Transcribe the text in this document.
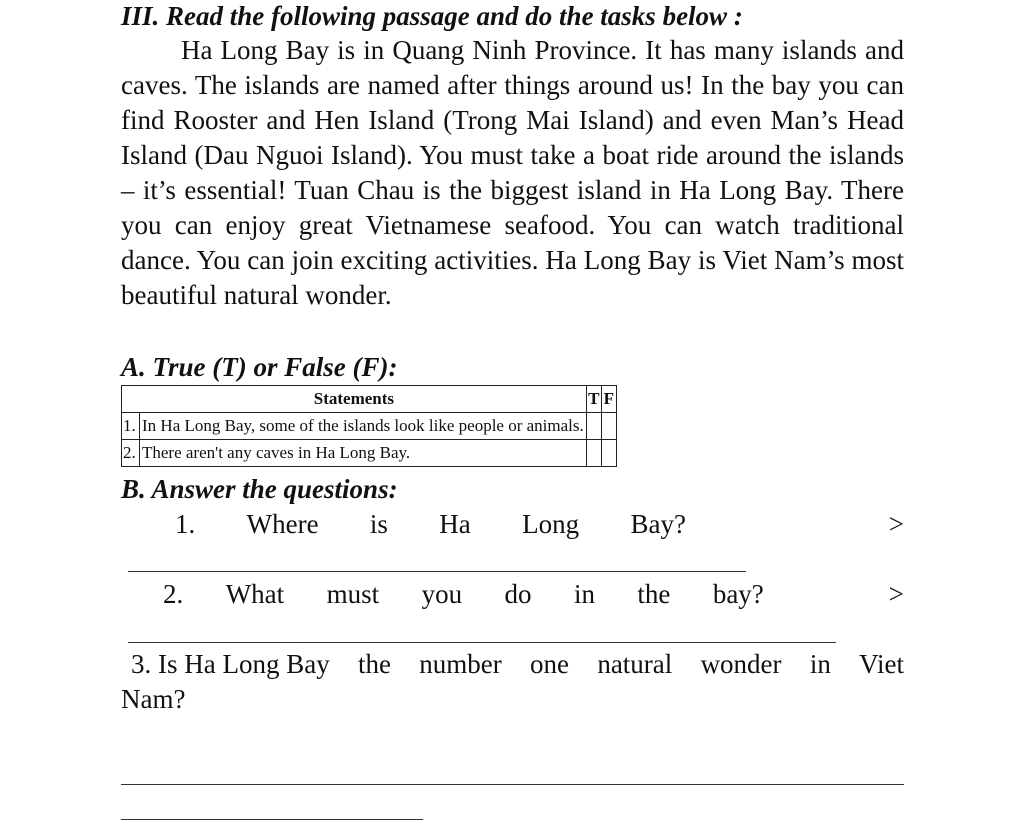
III. Read the following passage and do the tasks below :

Ha Long Bay is in Quang Ninh Province. It has many islands and caves. The islands are named after things around us! In the bay you can find Rooster and Hen Island (Trong Mai Island) and even Man’s Head Island (Dau Nguoi Island). You must take a boat ride around the islands – it’s essential! Tuan Chau is the biggest island in Ha Long Bay. There you can enjoy great Vietnamese seafood. You can watch traditional dance. You can join exciting activities. Ha Long Bay is Viet Nam’s most beautiful natural wonder.

A. True (T) or False (F):
Statements		T	F
1.	In Ha Long Bay, some of the islands look like people or animals.		
2.	There aren't any caves in Ha Long Bay.		
B. Answer the questions:
1. Where is Ha Long Bay?	>
2. What must you do in the bay?	>
3. Is Ha Long Bay the number one natural wonder in Viet
Nam?
